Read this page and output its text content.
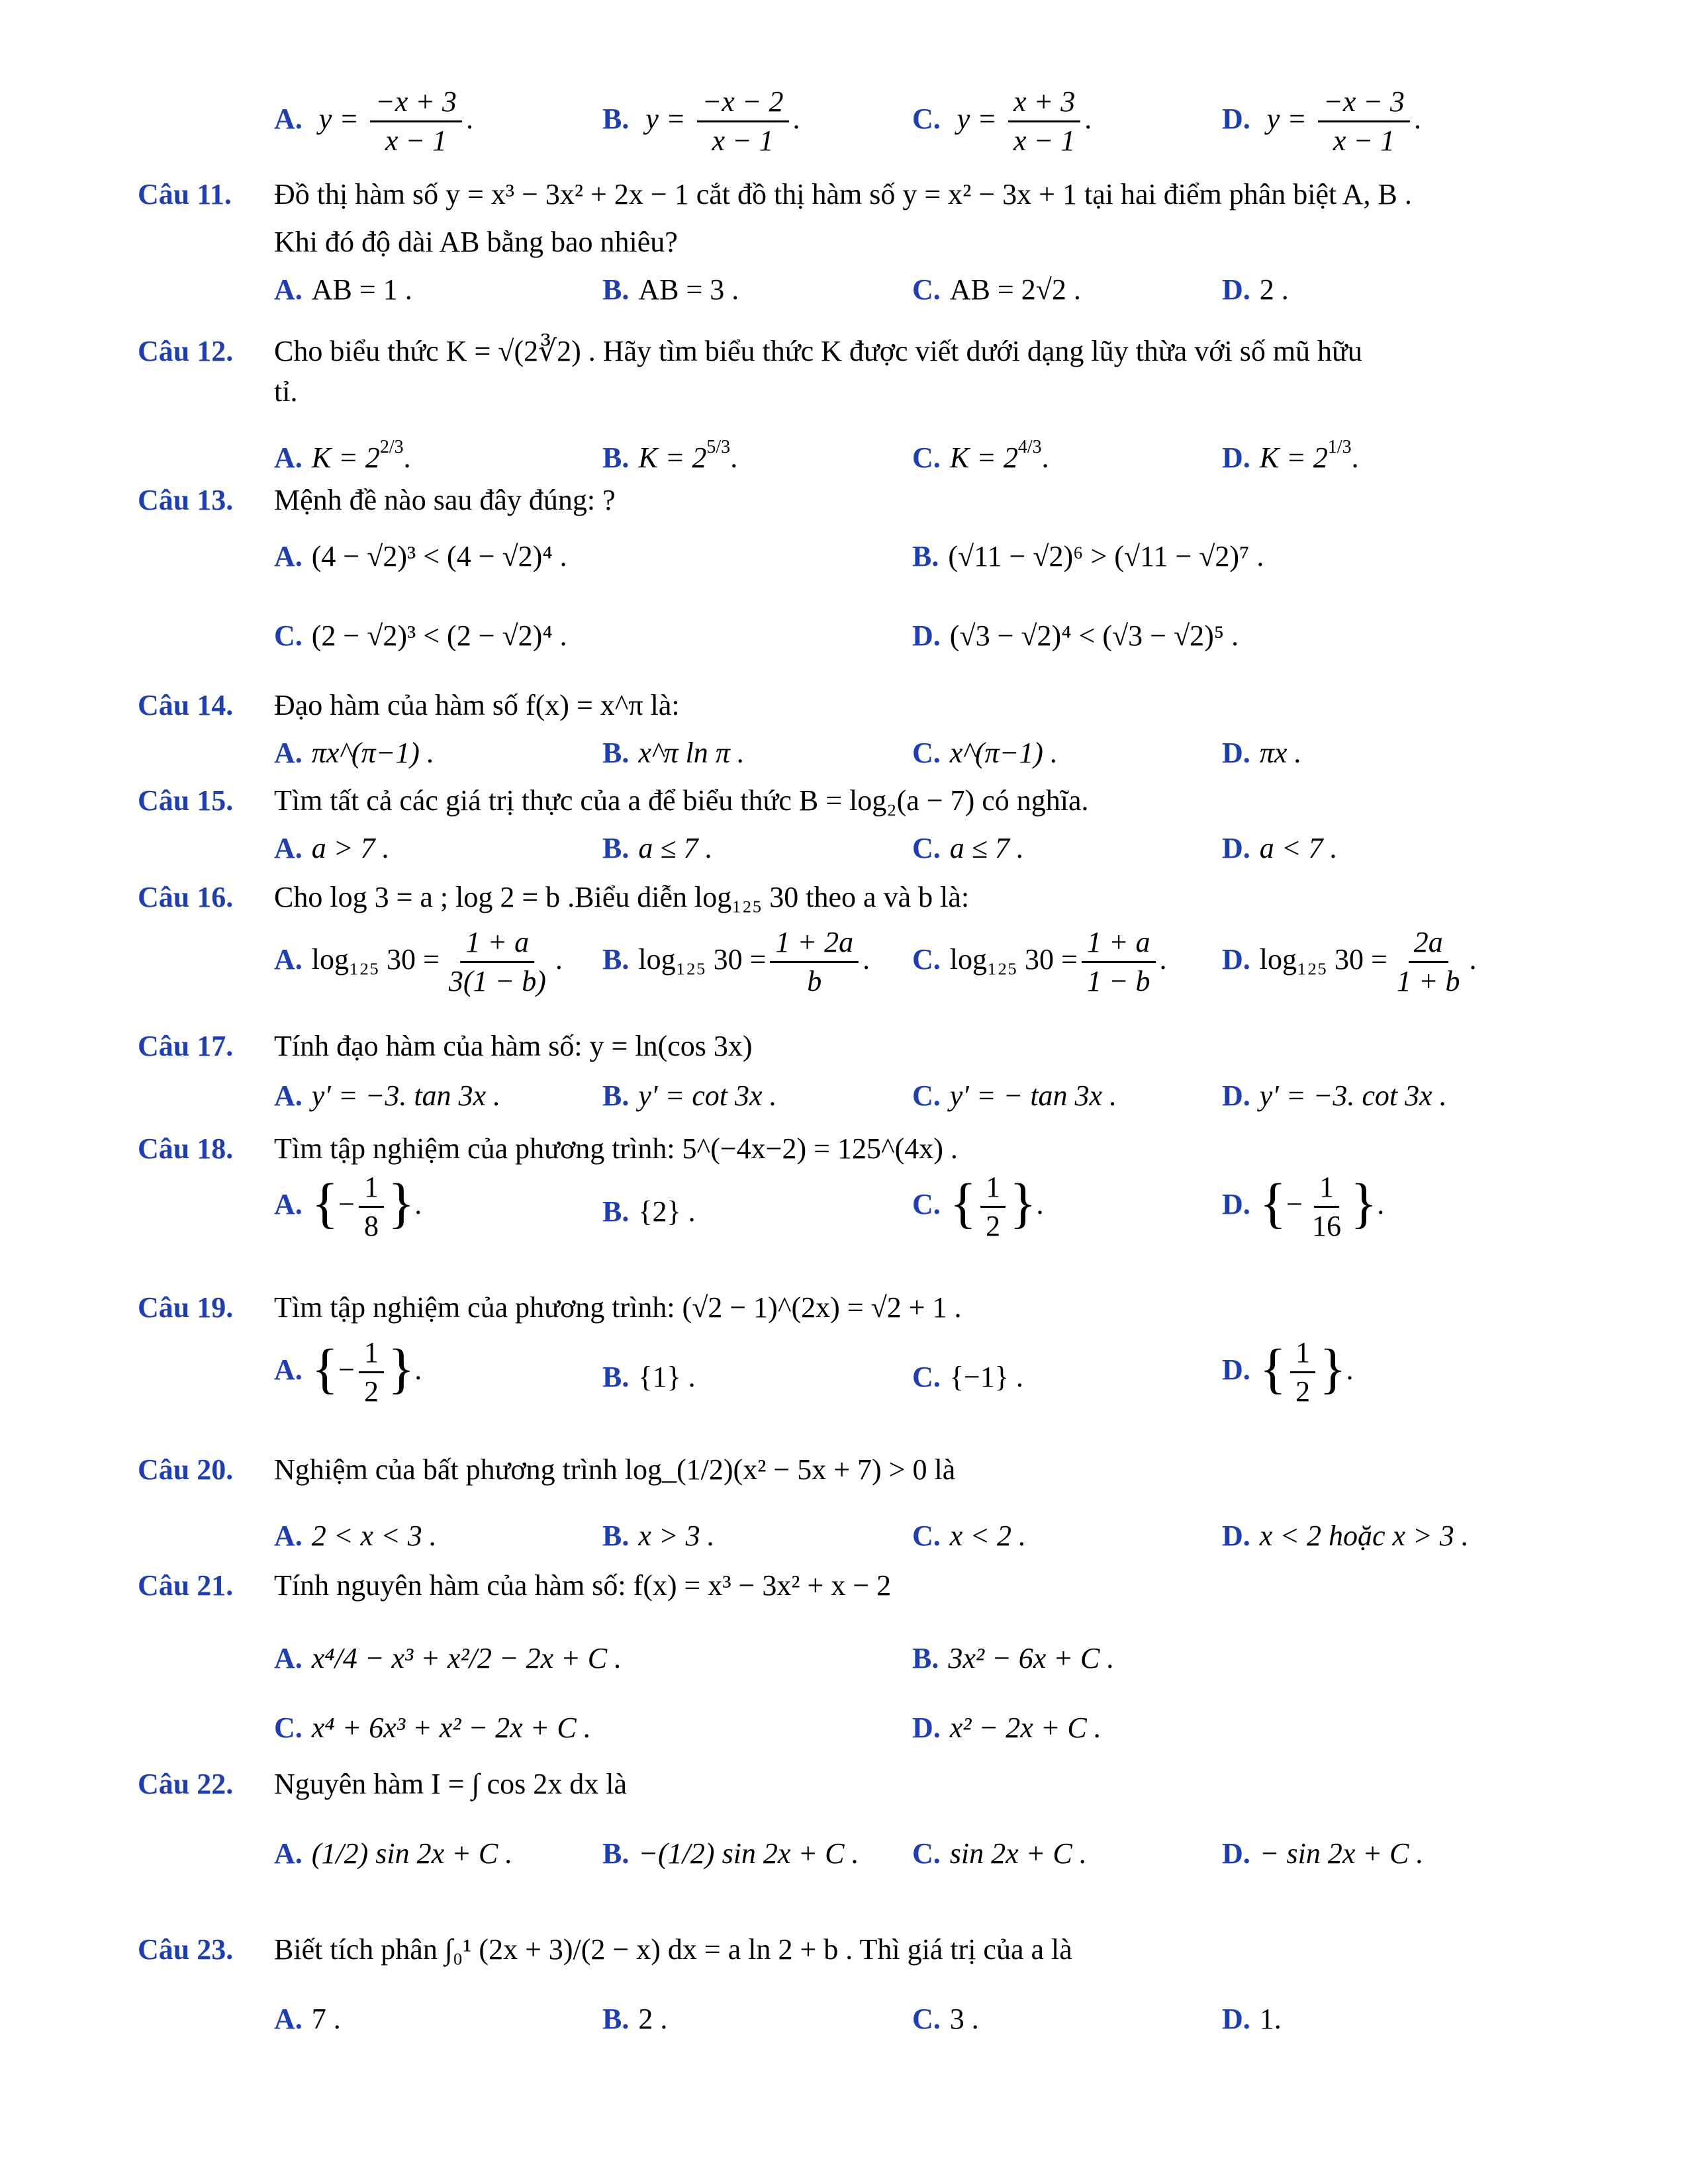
A. $y = \frac{-x + 3}{x - 1}$ .	B. $y = \frac{-x - 2}{x - 1}$ .	C. $y = \frac{x + 3}{x - 1}$ .	D. $y = \frac{-x - 3}{x - 1}$ .
Câu 11. Đồ thị hàm số y = x³ − 3x² + 2x − 1 cắt đồ thị hàm số y = x² − 3x + 1 tại hai điểm phân biệt A, B .
Khi đó độ dài AB bằng bao nhiêu?
A. AB = 1 .	B. AB = 3 .	C. AB = 2√2 .	D. 2 .
Câu 12. Cho biểu thức K = √(2∛2) . Hãy tìm biểu thức K được viết dưới dạng lũy thừa với số mũ hữu
tỉ.
A. $K = 2^{2/3}$.	B. $K = 2^{5/3}$.	C. $K = 2^{4/3}$.	D. $K = 2^{1/3}$.
Câu 13. Mệnh đề nào sau đây đúng: ?
A. (4 − √2)³ < (4 − √2)⁴ .	B. (√11 − √2)⁶ > (√11 − √2)⁷ .
C. (2 − √2)³ < (2 − √2)⁴ .	D. (√3 − √2)⁴ < (√3 − √2)⁵ .
Câu 14. Đạo hàm của hàm số f(x) = x^π là:
A. πx^(π−1) .	B. x^π ln π .	C. x^(π−1) .	D. πx .
Câu 15. Tìm tất cả các giá trị thực của a để biểu thức B = log₂(a − 7) có nghĩa.
A. a > 7 .	B. a ≤ 7 .	C. a ≤ 7 .	D. a < 7 .
Câu 16. Cho log 3 = a ; log 2 = b .Biểu diễn log₁₂₅ 30 theo a và b là:
A. log₁₂₅ $30 = \frac{1 + a}{3(1 - b)}$ . B. log₁₂₅ $30 = \frac{1 + 2a}{b}$ . C. log₁₂₅ $30 = \frac{1 + a}{1 - b}$ . D. log₁₂₅ $30 = \frac{2a}{1 + b}$ .
Câu 17. Tính đạo hàm của hàm số: y = ln(cos 3x)
A. y′ = −3. tan 3x .	B. y′ = cot 3x .	C. y′ = − tan 3x .	D. y′ = −3. cot 3x .
Câu 18. Tìm tập nghiệm của phương trình: 5^(−4x−2) = 125^(4x) .
A. {− $\frac{1}{8}$ }.	B. {2} .	C. { $\frac{1}{2}$ }.	D. {− $\frac{1}{16}$ }.
Câu 19. Tìm tập nghiệm của phương trình: (√2 − 1)^(2x) = √2 + 1 .
A. {− $\frac{1}{2}$ }.	B. {1} .	C. {−1} .	D. { $\frac{1}{2}$ }.
Câu 20. Nghiệm của bất phương trình log_(1/2)(x² − 5x + 7) > 0 là
A. 2 < x < 3 .	B. x > 3 .	C. x < 2 .	D. x < 2 hoặc x > 3 .
Câu 21. Tính nguyên hàm của hàm số: f(x) = x³ − 3x² + x − 2
A. x⁴/4 − x³ + x²/2 − 2x + C .	B. 3x² − 6x + C .
C. x⁴ + 6x³ + x² − 2x + C .	D. x² − 2x + C .
Câu 22. Nguyên hàm I = ∫ cos 2x dx là
A. (1/2) sin 2x + C .	B. −(1/2) sin 2x + C . C. sin 2x + C .	D. − sin 2x + C .
Câu 23. Biết tích phân ∫₀¹ (2x + 3)/(2 − x) dx = a ln 2 + b . Thì giá trị của a là
A. 7 .	B. 2 .	C. 3 .	D. 1.
